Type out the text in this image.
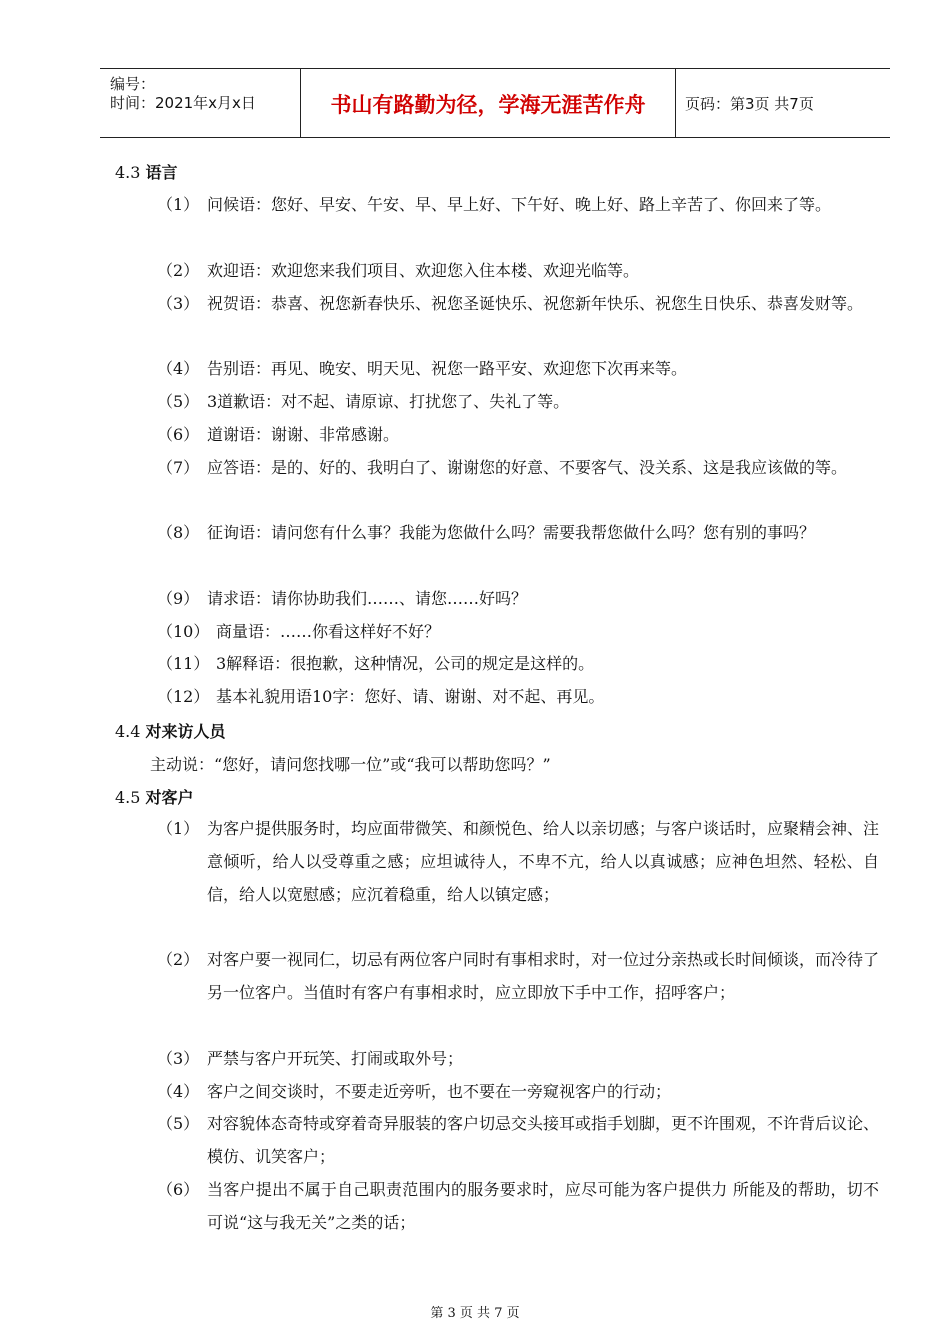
编号：
时间：2021年x月x日	书山有路勤为径，学海无涯苦作舟	页码：第3页 共7页
4.3 语言
（1） 问候语：您好、早安、午安、早、早上好、下午好、晚上好、路上辛苦了、你回来了等。
（2） 欢迎语：欢迎您来我们项目、欢迎您入住本楼、欢迎光临等。
（3） 祝贺语：恭喜、祝您新春快乐、祝您圣诞快乐、祝您新年快乐、祝您生日快乐、恭喜发财等。
（4） 告别语：再见、晚安、明天见、祝您一路平安、欢迎您下次再来等。
（5） 3道歉语：对不起、请原谅、打扰您了、失礼了等。
（6） 道谢语：谢谢、非常感谢。
（7） 应答语：是的、好的、我明白了、谢谢您的好意、不要客气、没关系、这是我应该做的等。
（8） 征询语：请问您有什么事？我能为您做什么吗？需要我帮您做什么吗？您有别的事吗？
（9） 请求语：请你协助我们……、请您……好吗？
（10） 商量语：……你看这样好不好？
（11） 3解释语：很抱歉，这种情况，公司的规定是这样的。
（12） 基本礼貌用语10字：您好、请、谢谢、对不起、再见。
4.4 对来访人员
主动说：“您好，请问您找哪一位”或“我可以帮助您吗？”
4.5 对客户
（1） 为客户提供服务时，均应面带微笑、和颜悦色、给人以亲切感；与客户谈话时，应聚精会神、注意倾听，给人以受尊重之感；应坦诚待人，不卑不亢，给人以真诚感；应神色坦然、轻松、自信，给人以宽慰感；应沉着稳重，给人以镇定感；
（2） 对客户要一视同仁，切忌有两位客户同时有事相求时，对一位过分亲热或长时间倾谈，而冷待了另一位客户。当值时有客户有事相求时，应立即放下手中工作，招呼客户；
（3） 严禁与客户开玩笑、打闹或取外号；
（4） 客户之间交谈时，不要走近旁听，也不要在一旁窥视客户的行动；
（5） 对容貌体态奇特或穿着奇异服装的客户切忌交头接耳或指手划脚，更不许围观，不许背后议论、模仿、讥笑客户；
（6） 当客户提出不属于自己职责范围内的服务要求时，应尽可能为客户提供力 所能及的帮助，切不可说“这与我无关”之类的话；
第 3 页 共 7 页
